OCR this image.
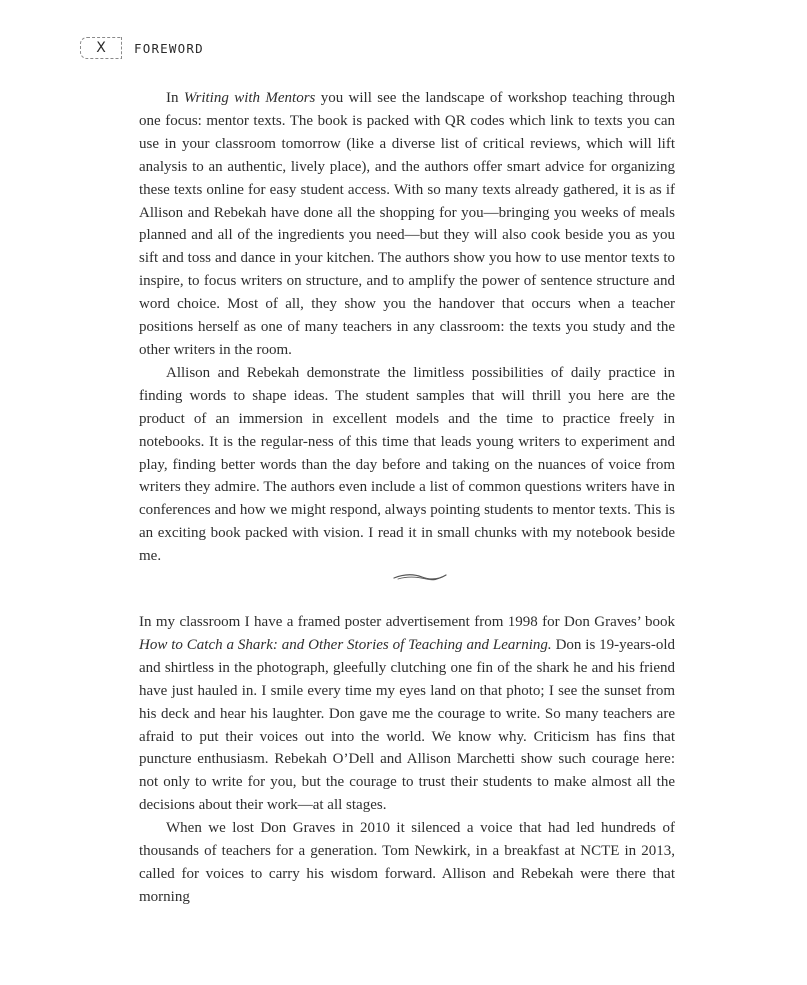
X FOREWORD

In Writing with Mentors you will see the landscape of workshop teaching through one focus: mentor texts. The book is packed with QR codes which link to texts you can use in your classroom tomorrow (like a diverse list of critical reviews, which will lift analysis to an authentic, lively place), and the authors offer smart advice for organizing these texts online for easy student access. With so many texts already gathered, it is as if Allison and Rebekah have done all the shopping for you—bringing you weeks of meals planned and all of the ingredients you need—but they will also cook beside you as you sift and toss and dance in your kitchen. The authors show you how to use mentor texts to inspire, to focus writers on structure, and to amplify the power of sentence structure and word choice. Most of all, they show you the handover that occurs when a teacher positions herself as one of many teachers in any classroom: the texts you study and the other writers in the room.

Allison and Rebekah demonstrate the limitless possibilities of daily practice in finding words to shape ideas. The student samples that will thrill you here are the product of an immersion in excellent models and the time to practice freely in notebooks. It is the regular-ness of this time that leads young writers to experiment and play, finding better words than the day before and taking on the nuances of voice from writers they admire. The authors even include a list of common questions writers have in conferences and how we might respond, always pointing students to mentor texts. This is an exciting book packed with vision. I read it in small chunks with my notebook beside me.

In my classroom I have a framed poster advertisement from 1998 for Don Graves’ book How to Catch a Shark: and Other Stories of Teaching and Learning. Don is 19-years-old and shirtless in the photograph, gleefully clutching one fin of the shark he and his friend have just hauled in. I smile every time my eyes land on that photo; I see the sunset from his deck and hear his laughter. Don gave me the courage to write. So many teachers are afraid to put their voices out into the world. We know why. Criticism has fins that puncture enthusiasm. Rebekah O’Dell and Allison Marchetti show such courage here: not only to write for you, but the courage to trust their students to make almost all the decisions about their work—at all stages.

When we lost Don Graves in 2010 it silenced a voice that had led hundreds of thousands of teachers for a generation. Tom Newkirk, in a breakfast at NCTE in 2013, called for voices to carry his wisdom forward. Allison and Rebekah were there that morning
